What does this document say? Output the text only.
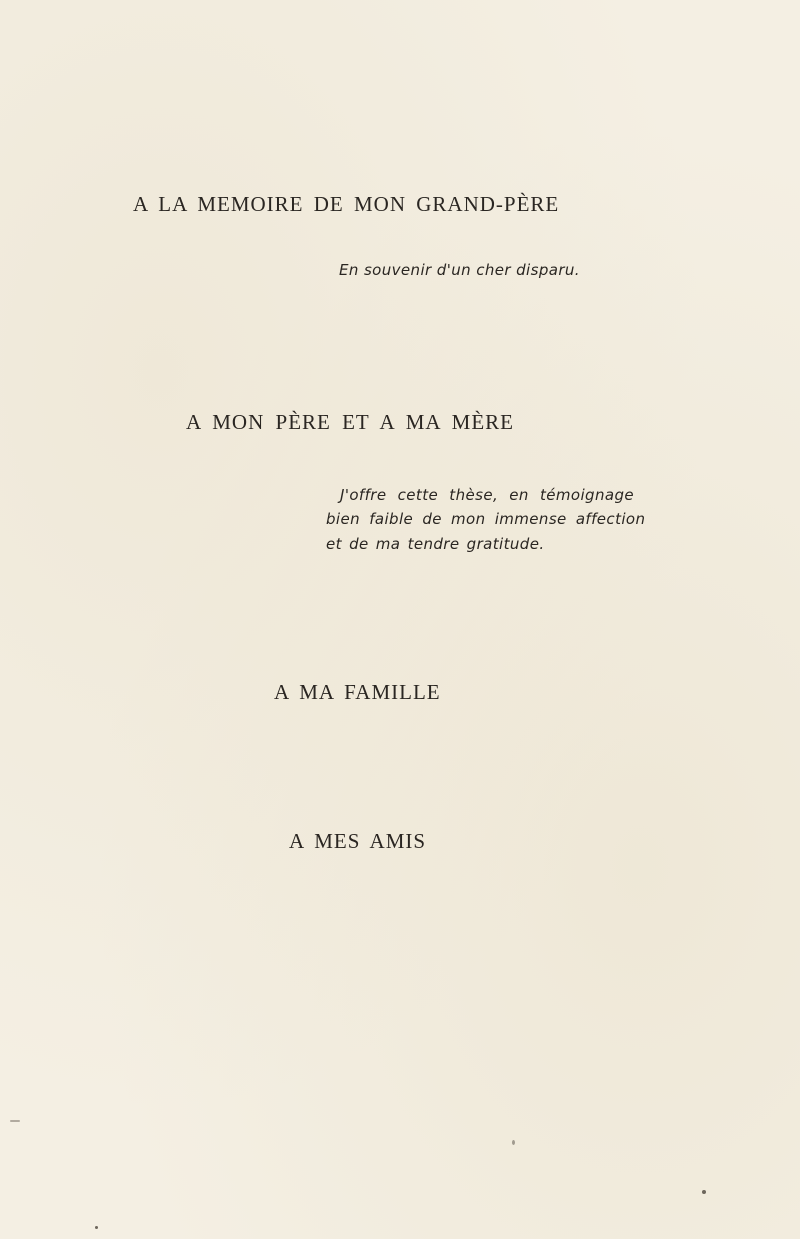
A LA MEMOIRE DE MON GRAND-PÈRE
En souvenir d'un cher disparu.
A MON PÈRE ET A MA MÈRE
J'offre cette thèse, en témoignage
bien faible de mon immense affection
et de ma tendre gratitude.
A MA FAMILLE
A MES AMIS
